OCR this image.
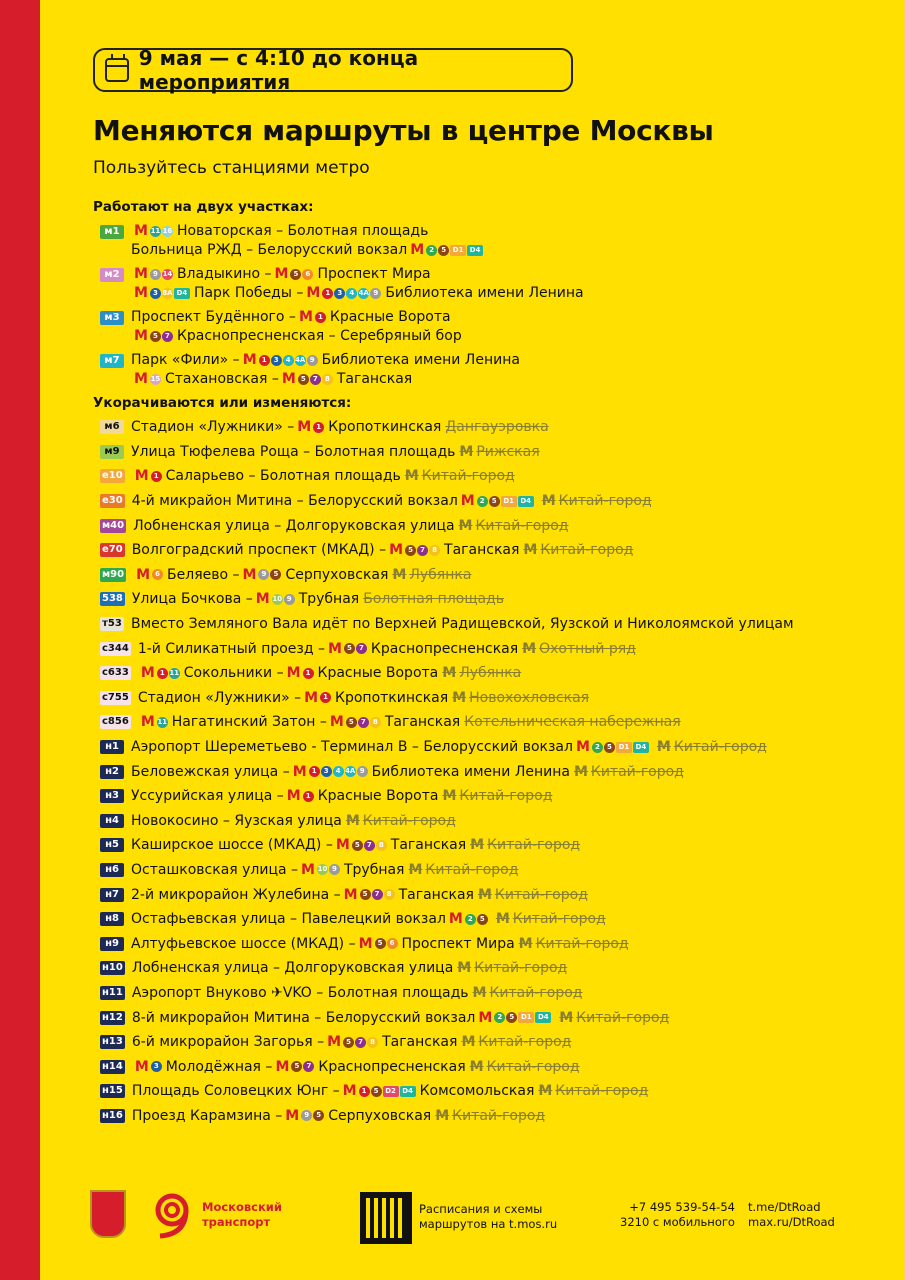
9 мая — с 4:10 до конца мероприятия
Меняются маршруты в центре Москвы
Пользуйтесь станциями метро
Работают на двух участках:
м1	M 11 16 Новаторская – Болотная площадь
Больница РЖД – Белорусский вокзал M 2	5 D1 D4
м2	M 9 14 Владыкино – M 5	6 Проспект Мира
M 3 8A D4 Парк Победы – M 1	3	4 4A 9 Библиотека имени Ленина
м3 Проспект Будённого – M 1 Красные Ворота
M 5	7 Краснопресненская – Серебряный бор
м7 Парк «Фили» – M 1	3	4 4A 9 Библиотека имени Ленина
M 15 Стахановская – M 5	7	8 Таганская
Укорачиваются или изменяются:
м6 Стадион «Лужники» – M 1 Кропоткинская Дангауэровка
м9 Улица Тюфелева Роща – Болотная площадь M Рижская
е10 M 1 Саларьево – Болотная площадь M Китай-город
е30 4-й микрайон Митина – Белорусский вокзал M 2	5 D1 D4 M Китай-город
м40 Лобненская улица – Долгоруковская улица M Китай-город
е70 Волгоградский проспект (МКАД) – M 5	7	8 Таганская M Китай-город
м90 M 6 Беляево – M 9	5 Серпуховская M Лубянка
538 Улица Бочкова – M 10 9 Трубная Болотная площадь
т53 Вместо Земляного Вала идёт по Верхней Радищевской, Яузской и Николоямской улицам
с344 1-й Силикатный проезд – M 5	7 Краснопресненская M Охотный ряд
с633 M 1 11 Сокольники – M 1 Красные Ворота M Лубянка
с755 Стадион «Лужники» – M 1 Кропоткинская M Новохохловская
с856 M 11 Нагатинский Затон – M 5	7	8 Таганская Котельническая набережная
н1 Аэропорт Шереметьево - Терминал В – Белорусский вокзал M 2	5 D1 D4 M Китай-город
н2 Беловежская улица – M 1	3	4 4A 9 Библиотека имени Ленина M Китай-город
н3 Уссурийская улица – M 1 Красные Ворота M Китай-город
н4 Новокосино – Яузская улица M Китай-город
н5 Каширское шоссе (МКАД) – M 5	7	8 Таганская M Китай-город
н6 Осташковская улица – M 10 9 Трубная M Китай-город
н7 2-й микрорайон Жулебина – M 5	7	8 Таганская M Китай-город
н8 Остафьевская улица – Павелецкий вокзал M 2	5 M Китай-город
н9 Алтуфьевское шоссе (МКАД) – M 5	6 Проспект Мира M Китай-город
н10 Лобненская улица – Долгоруковская улица M Китай-город
н11 Аэропорт Внуково ✈VKO – Болотная площадь M Китай-город
н12 8-й микрорайон Митина – Белорусский вокзал M 2	5 D1 D4 M Китай-город
н13 6-й микрорайон Загорья – M 5	7	8 Таганская M Китай-город
н14 M 3 Молодёжная – M 5	7 Краснопресненская M Китай-город
н15 Площадь Соловецких Юнг – M 1	5 D2 D4 Комсомольская M Китай-город
н16 Проезд Карамзина – M 9	5 Серпуховская M Китай-город
Московский
транспорт
Расписания и схемы
маршрутов на t.mos.ru
+7 495 539-54-54
3210 с мобильного
t.me/DtRoad
max.ru/DtRoad
